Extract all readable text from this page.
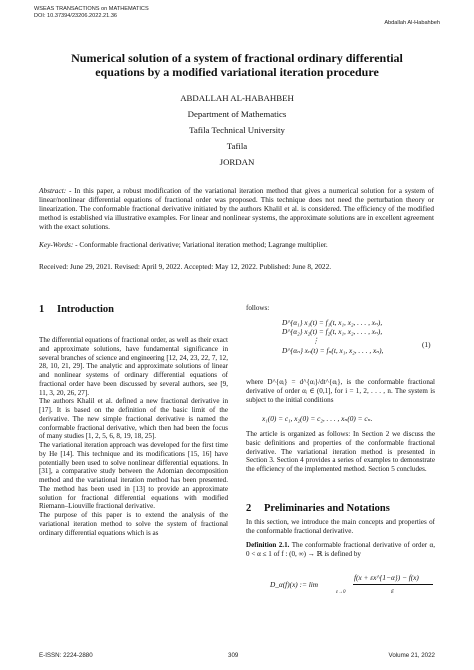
WSEAS TRANSACTIONS on MATHEMATICS
DOI: 10.37394/23206.2022.21.36
Abdallah Al-Habahbeh
Numerical solution of a system of fractional ordinary differential
equations by a modified variational iteration procedure
ABDALLAH AL-HABAHBEH
Department of Mathematics
Tafila Technical University
Tafila
JORDAN
Abstract: - In this paper, a robust modification of the variational iteration method that gives a numerical solution for a system of linear/nonlinear differential equations of fractional order was proposed. This technique does not need the perturbation theory or linearization. The conformable fractional derivative initiated by the authors Khalil et al. is considered. The efficiency of the modified method is established via illustrative examples. For linear and nonlinear systems, the approximate solutions are in excellent agreement with the exact solutions.
Key-Words: - Conformable fractional derivative; Variational iteration method; Lagrange multiplier.
Received: June 29, 2021. Revised: April 9, 2022. Accepted: May 12, 2022. Published: June 8, 2022.
1 Introduction

The differential equations of fractional order, as well as their exact and approximate solutions, have fundamental significance in several branches of science and engineering [12, 24, 23, 22, 7, 12, 28, 10, 21, 29]. The analytic and approximate solutions of linear and nonlinear systems of ordinary differential equations of fractional order have been discussed by several authors, see [9, 11, 3, 20, 26, 27].

The authors Khalil et al. defined a new fractional derivative in [17]. It is based on the definition of the basic limit of the derivative. The new simple fractional derivative is named the conformable fractional derivative, which then had been the focus of many studies [1, 2, 5, 6, 8, 19, 18, 25].

The variational iteration approach was developed for the first time by He [14]. This technique and its modifications [15, 16] have potentially been used to solve nonlinear differential equations. In [31], a comparative study between the Adomian decomposition method and the variational iteration method has been presented. The method has been used in [13] to provide an approximate solution for fractional differential equations with modified Riemann–Liouville fractional derivative.

The purpose of this paper is to extend the analysis of the variational iteration method to solve the system of fractional ordinary differential equations which is as

follows:
D^{α₁} x₁(t) = f₁(t, x₁, x₂, . . . , xₙ),
D^{α₂} x₂(t) = f₂(t, x₁, x₂, . . . , xₙ),
⋮
D^{αₙ} xₙ(t) = fₙ(t, x₁, x₂, . . . , xₙ),
(1)
where D^{αᵢ} = d^{αᵢ}/dt^{αᵢ}, is the conformable fractional derivative of order αᵢ ∈ (0,1], for i = 1, 2, . . . , n. The system is subject to the initial conditions
x₁(0) = c₁, x₂(0) = c₂, . . . , xₙ(0) = cₙ.
The article is organized as follows: In Section 2 we discuss the basic definitions and properties of the conformable fractional derivative. The variational iteration method is presented in Section 3. Section 4 provides a series of examples to demonstrate the efficiency of the implemented method. Section 5 concludes.
2 Preliminaries and Notations
In this section, we introduce the main concepts and properties of the conformable fractional derivative.
Definition 2.1. The conformable fractional derivative of order α, 0 < α ≤ 1 of f : (0, ∞) → ℝ is defined by
D_α(f)(x) := lim
ε→0
f(x + εx^{1−α}) − f(x)
ε
E-ISSN: 2224-2880	309	Volume 21, 2022
